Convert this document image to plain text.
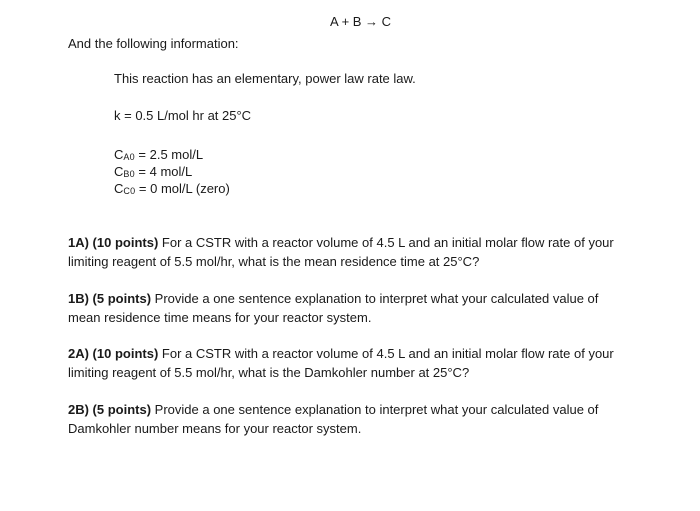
A + B → C
And the following information:
This reaction has an elementary, power law rate law.
k = 0.5 L/mol hr at 25°C
CA0 = 2.5 mol/L
CB0 = 4 mol/L
CC0 = 0 mol/L (zero)
1A) (10 points) For a CSTR with a reactor volume of 4.5 L and an initial molar flow rate of your
limiting reagent of 5.5 mol/hr, what is the mean residence time at 25°C?
1B) (5 points) Provide a one sentence explanation to interpret what your calculated value of
mean residence time means for your reactor system.
2A) (10 points) For a CSTR with a reactor volume of 4.5 L and an initial molar flow rate of your
limiting reagent of 5.5 mol/hr, what is the Damkohler number at 25°C?
2B) (5 points) Provide a one sentence explanation to interpret what your calculated value of
Damkohler number means for your reactor system.
